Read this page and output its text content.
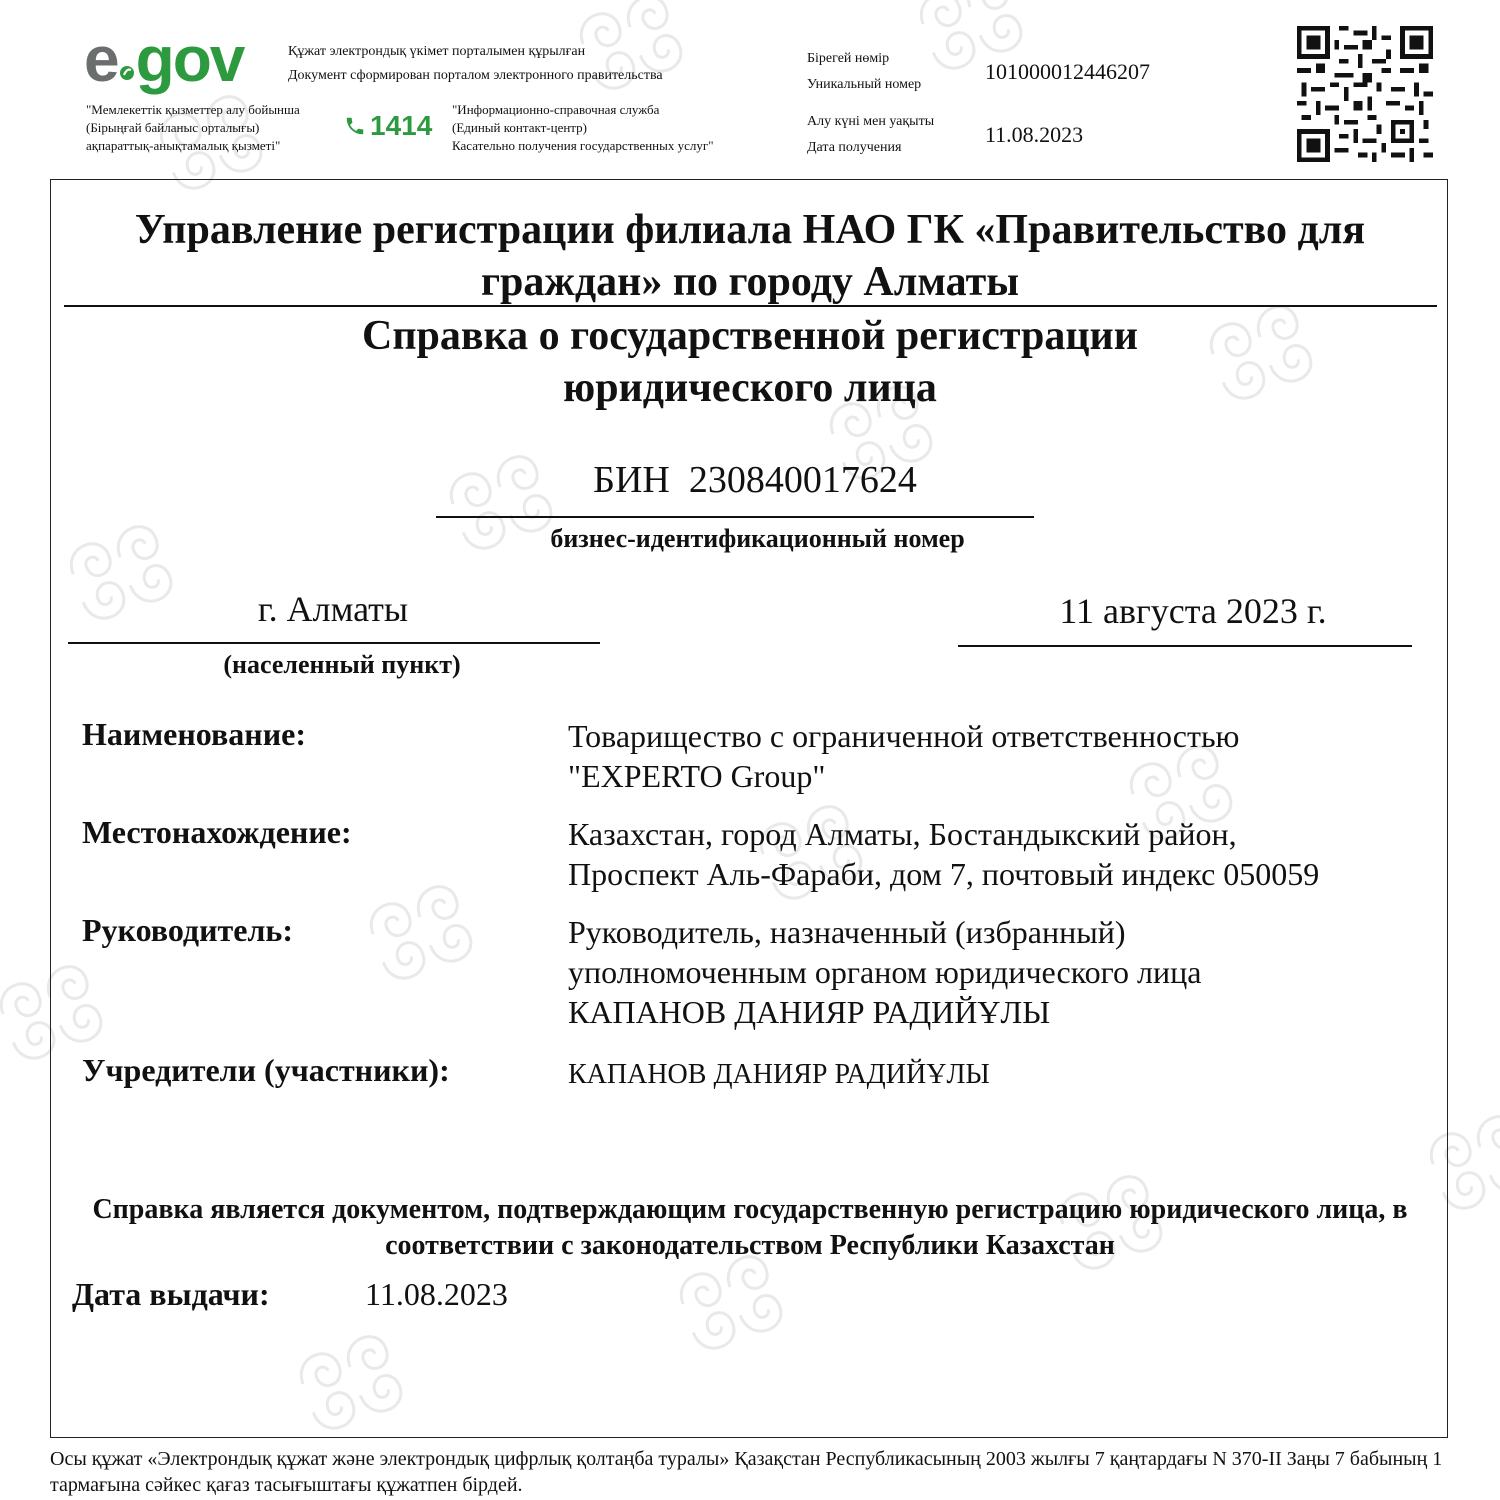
e gov	Құжат электрондық үкімет порталымен құрылған
Документ сформирован порталом электронного правительства
"Мемлекеттік қызметтер алу бойынша
(Бірыңғай байланыс орталығы)
ақпараттық-анықтамалық қызметі"
1414
"Информационно-справочная служба
(Единый контакт-центр)
Касательно получения государственных услуг"
Бірегей нөмір
Уникальный номер
101000012446207
Алу күні мен уақыты
Дата получения
11.08.2023
Управление регистрации филиала НАО ГК «Правительство для граждан» по городу Алматы
Справка о государственной регистрации
юридического лица
БИН 230840017624
бизнес-идентификационный номер
г. Алматы
(населенный пункт)
11 августа 2023 г.
Наименование:	Товарищество с ограниченной ответственностью
"EXPERTO Group"
Местонахождение:	Казахстан, город Алматы, Бостандыкский район,
Проспект Аль-Фараби, дом 7, почтовый индекс 050059
Руководитель:	Руководитель, назначенный (избранный)
уполномоченным органом юридического лица
КАПАНОВ ДАНИЯР РАДИЙҰЛЫ
Учредители (участники):	КАПАНОВ ДАНИЯР РАДИЙҰЛЫ
Справка является документом, подтверждающим государственную регистрацию юридического лица, в соответствии с законодательством Республики Казахстан
Дата выдачи:	11.08.2023
Осы құжат «Электрондық құжат және электрондық цифрлық қолтаңба туралы» Қазақстан Республикасының 2003 жылғы 7 қаңтардағы N 370-II Заңы 7 бабының 1 тармағына сәйкес қағаз тасығыштағы құжатпен бірдей.
